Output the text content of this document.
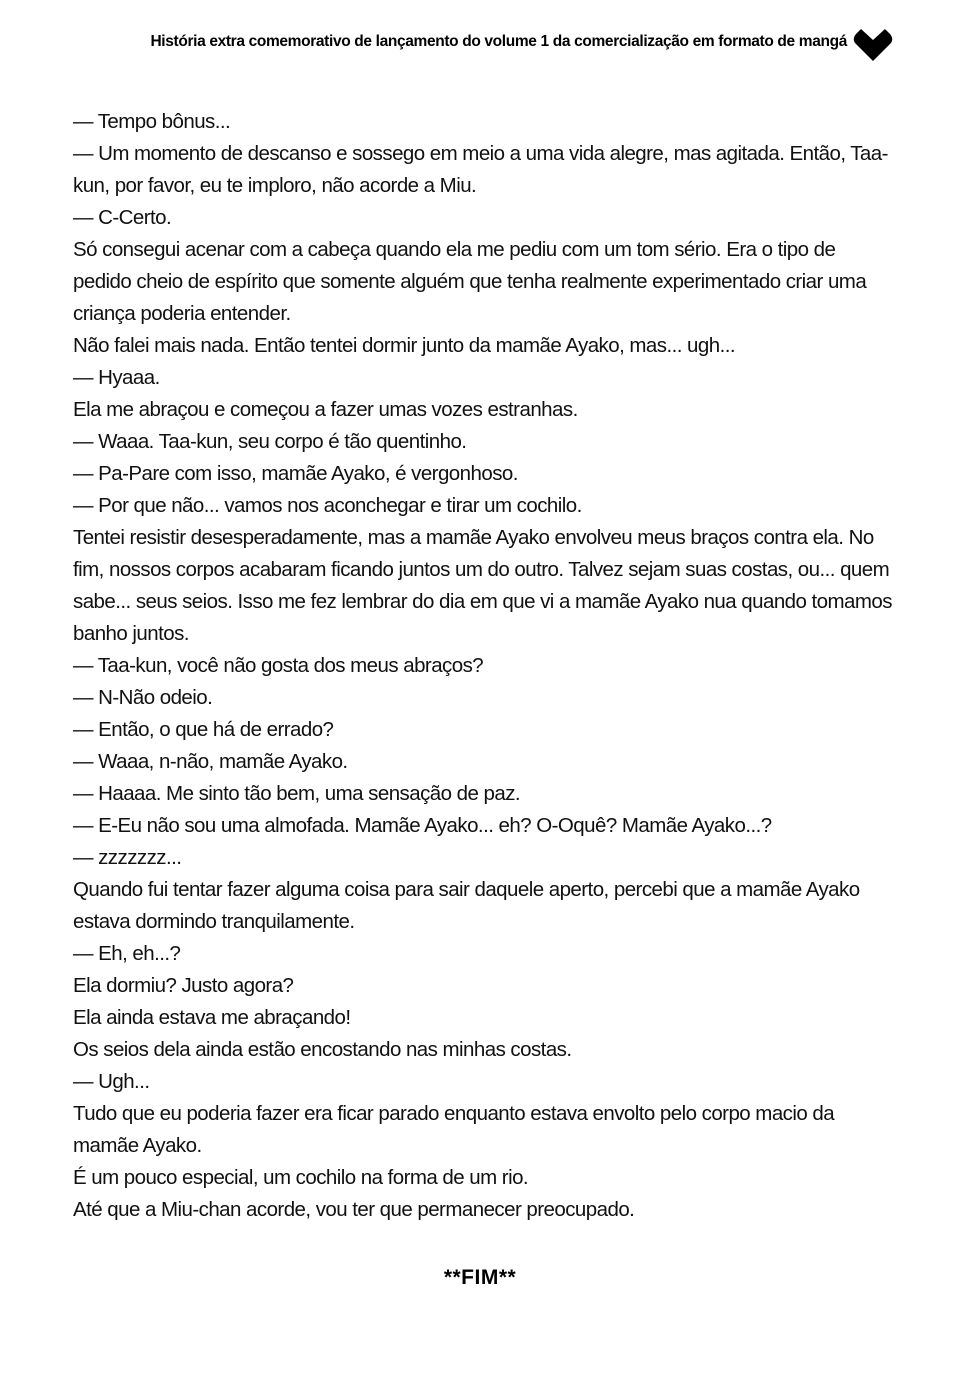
História extra comemorativo de lançamento do volume 1 da comercialização em formato de mangá

— Tempo bônus...

— Um momento de descanso e sossego em meio a uma vida alegre, mas agitada. Então, Taa-kun, por favor, eu te imploro, não acorde a Miu.

— C-Certo.

Só consegui acenar com a cabeça quando ela me pediu com um tom sério. Era o tipo de pedido cheio de espírito que somente alguém que tenha realmente experimentado criar uma criança poderia entender.

Não falei mais nada. Então tentei dormir junto da mamãe Ayako, mas... ugh...

— Hyaaa.

Ela me abraçou e começou a fazer umas vozes estranhas.

— Waaa. Taa-kun, seu corpo é tão quentinho.

— Pa-Pare com isso, mamãe Ayako, é vergonhoso.

— Por que não... vamos nos aconchegar e tirar um cochilo.

Tentei resistir desesperadamente, mas a mamãe Ayako envolveu meus braços contra ela. No fim, nossos corpos acabaram ficando juntos um do outro. Talvez sejam suas costas, ou... quem sabe... seus seios. Isso me fez lembrar do dia em que vi a mamãe Ayako nua quando tomamos banho juntos.

— Taa-kun, você não gosta dos meus abraços?

— N-Não odeio.

— Então, o que há de errado?

— Waaa, n-não, mamãe Ayako.

— Haaaa. Me sinto tão bem, uma sensação de paz.

— E-Eu não sou uma almofada. Mamãe Ayako... eh? O-Oquê? Mamãe Ayako...?

— zzzzzzz...

Quando fui tentar fazer alguma coisa para sair daquele aperto, percebi que a mamãe Ayako estava dormindo tranquilamente.

— Eh, eh...?

Ela dormiu? Justo agora?

Ela ainda estava me abraçando!

Os seios dela ainda estão encostando nas minhas costas.

— Ugh...

Tudo que eu poderia fazer era ficar parado enquanto estava envolto pelo corpo macio da mamãe Ayako.

É um pouco especial, um cochilo na forma de um rio.

Até que a Miu-chan acorde, vou ter que permanecer preocupado.

**FIM**
